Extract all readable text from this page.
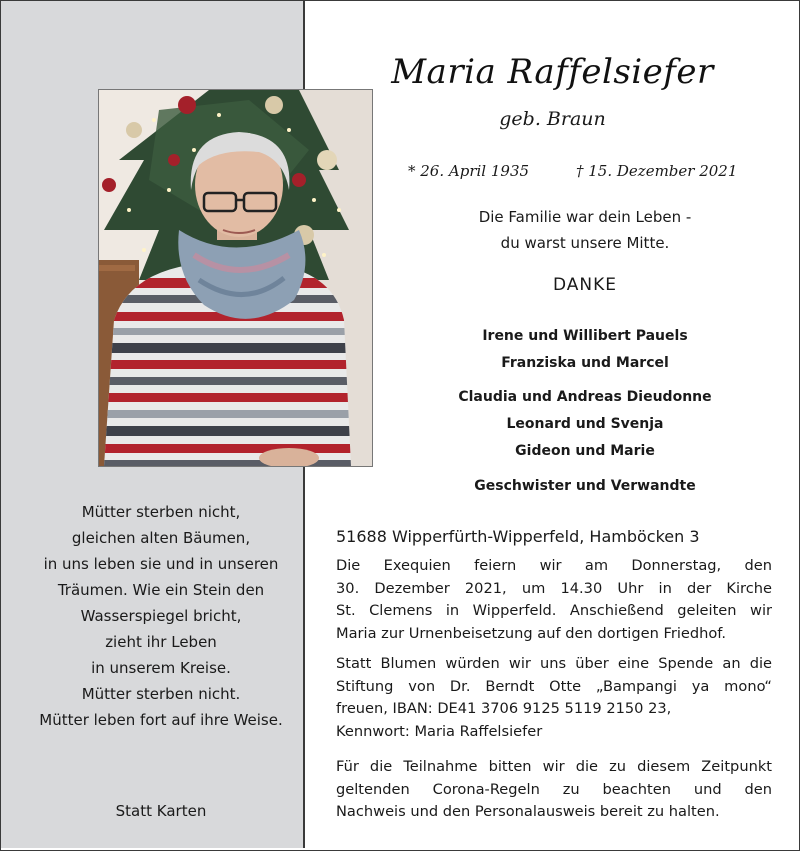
Maria Raffelsiefer
geb. Braun
* 26. April 1935	† 15. Dezember 2021
Die Familie war dein Leben -
du warst unsere Mitte.
DANKE
Irene und Willibert Pauels
Franziska und Marcel
Claudia und Andreas Dieudonne
Leonard und Svenja
Gideon und Marie
Geschwister und Verwandte
Mütter sterben nicht,
gleichen alten Bäumen,
in uns leben sie und in unseren
Träumen. Wie ein Stein den
Wasserspiegel bricht,
zieht ihr Leben
in unserem Kreise.
Mütter sterben nicht.
Mütter leben fort auf ihre Weise.
Statt Karten
51688 Wipperfürth-Wipperfeld, Hamböcken 3
Die Exequien feiern wir am Donnerstag, den
30. Dezember 2021, um 14.30 Uhr in der Kirche
St. Clemens in Wipperfeld. Anschießend geleiten wir
Maria zur Urnenbeisetzung auf den dortigen Friedhof.
Statt Blumen würden wir uns über eine Spende an die
Stiftung von Dr. Berndt Otte „Bampangi ya mono“
freuen, IBAN: DE41 3706 9125 5119 2150 23,
Kennwort: Maria Raffelsiefer
Für die Teilnahme bitten wir die zu diesem Zeitpunkt
geltenden Corona-Regeln zu beachten und den
Nachweis und den Personalausweis bereit zu halten.
